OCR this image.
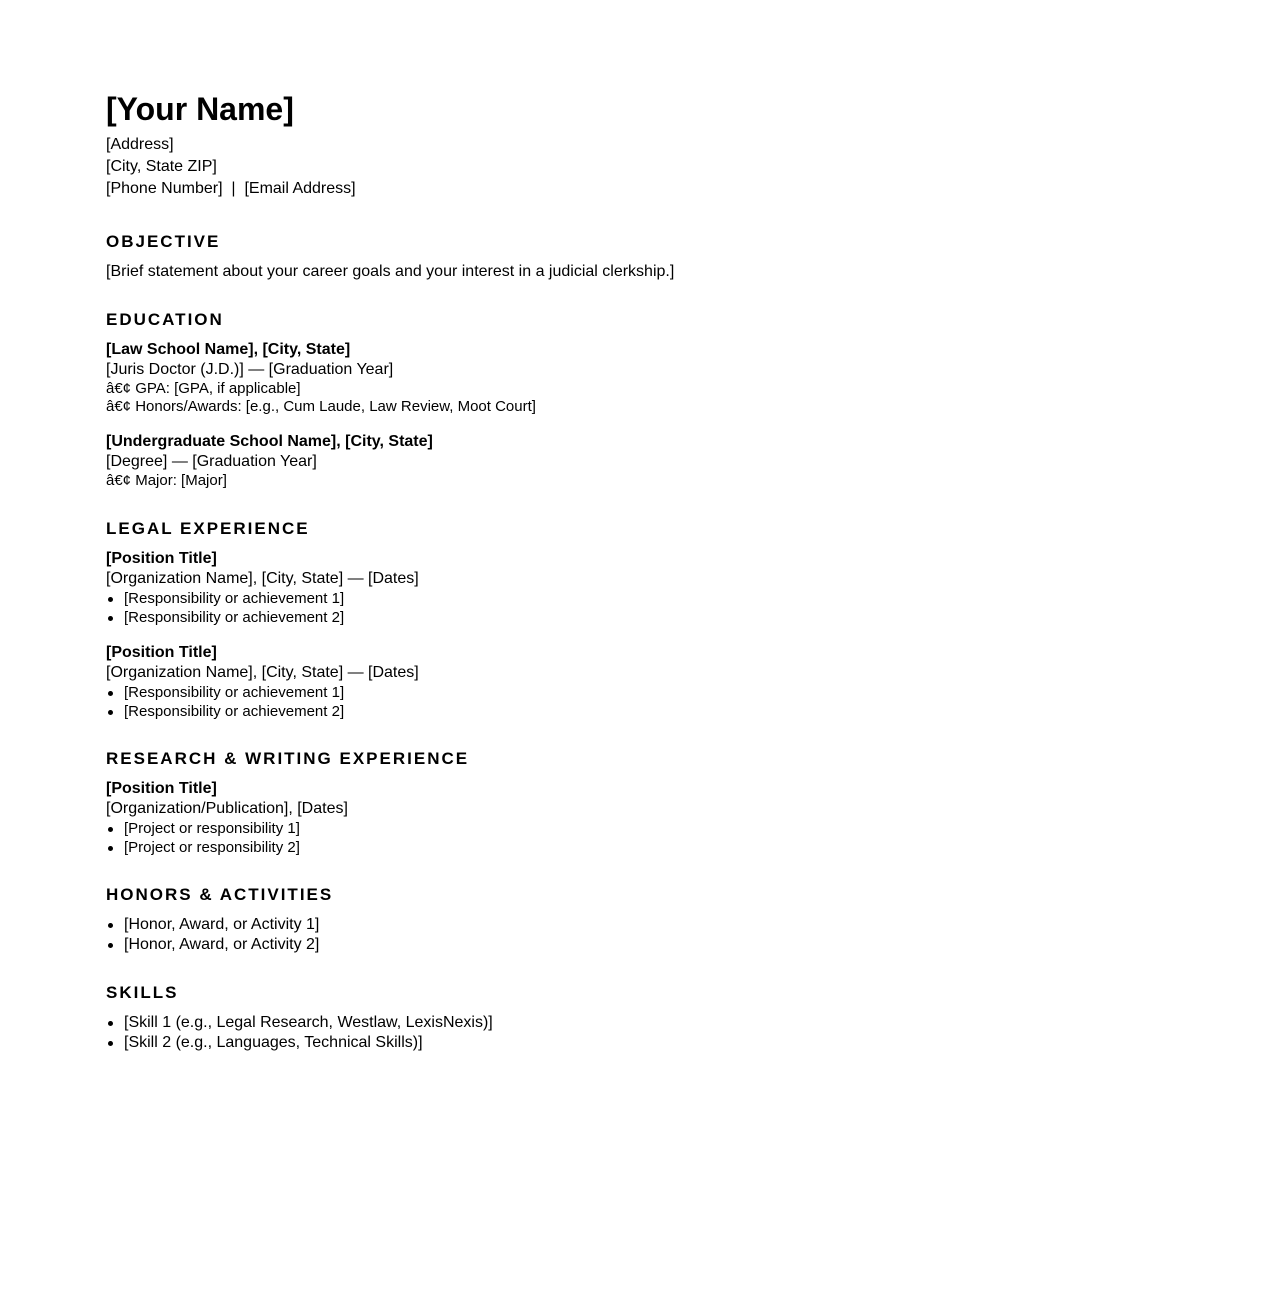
[Your Name]
[Address]
[City, State ZIP]
[Phone Number]  |  [Email Address]
OBJECTIVE
[Brief statement about your career goals and your interest in a judicial clerkship.]
EDUCATION
[Law School Name], [City, State]
[Juris Doctor (J.D.)] — [Graduation Year]
â€¢ GPA: [GPA, if applicable]
â€¢ Honors/Awards: [e.g., Cum Laude, Law Review, Moot Court]
[Undergraduate School Name], [City, State]
[Degree] — [Graduation Year]
â€¢ Major: [Major]
LEGAL EXPERIENCE
[Position Title]
[Organization Name], [City, State] — [Dates]
[Responsibility or achievement 1]
[Responsibility or achievement 2]
[Position Title]
[Organization Name], [City, State] — [Dates]
[Responsibility or achievement 1]
[Responsibility or achievement 2]
RESEARCH & WRITING EXPERIENCE
[Position Title]
[Organization/Publication], [Dates]
[Project or responsibility 1]
[Project or responsibility 2]
HONORS & ACTIVITIES
[Honor, Award, or Activity 1]
[Honor, Award, or Activity 2]
SKILLS
[Skill 1 (e.g., Legal Research, Westlaw, LexisNexis)]
[Skill 2 (e.g., Languages, Technical Skills)]
